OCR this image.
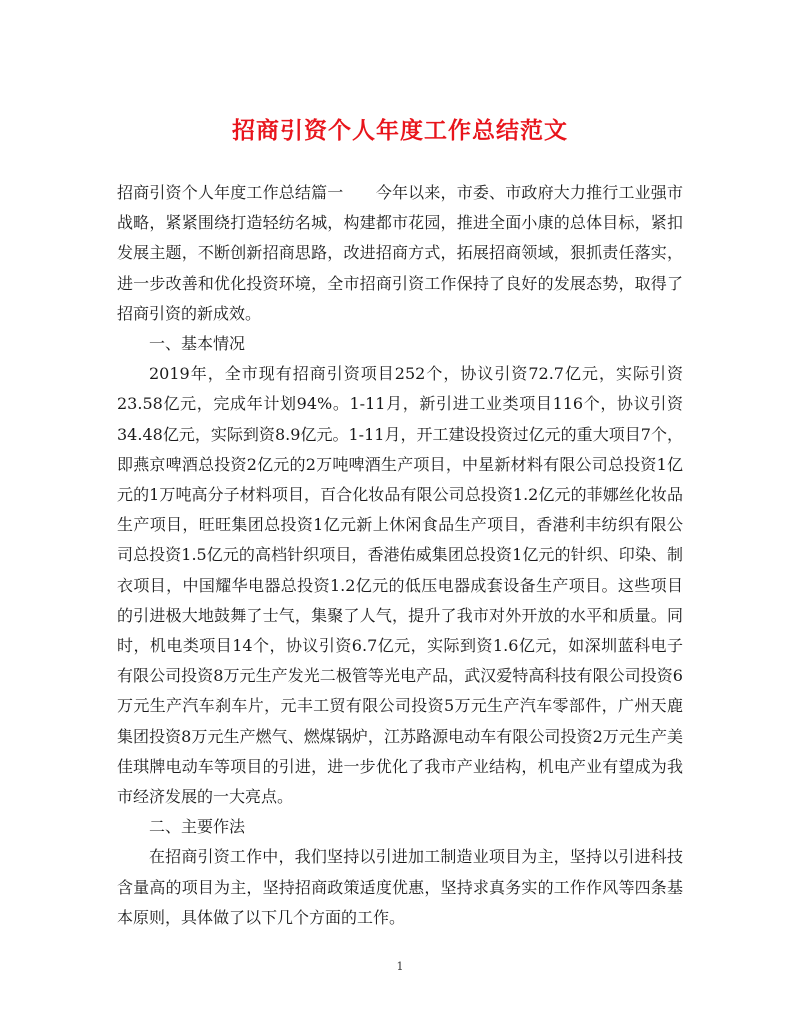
招商引资个人年度工作总结范文

招商引资个人年度工作总结篇一　　今年以来，市委、市政府大力推行工业强市战略，紧紧围绕打造轻纺名城，构建都市花园，推进全面小康的总体目标，紧扣发展主题，不断创新招商思路，改进招商方式，拓展招商领域，狠抓责任落实，进一步改善和优化投资环境，全市招商引资工作保持了良好的发展态势，取得了招商引资的新成效。

一、基本情况

2019年，全市现有招商引资项目252个，协议引资72.7亿元，实际引资23.58亿元，完成年计划94%。1-11月，新引进工业类项目116个，协议引资34.48亿元，实际到资8.9亿元。1-11月，开工建设投资过亿元的重大项目7个，即燕京啤酒总投资2亿元的2万吨啤酒生产项目，中星新材料有限公司总投资1亿元的1万吨高分子材料项目，百合化妆品有限公司总投资1.2亿元的菲娜丝化妆品生产项目，旺旺集团总投资1亿元新上休闲食品生产项目，香港利丰纺织有限公司总投资1.5亿元的高档针织项目，香港佑威集团总投资1亿元的针织、印染、制衣项目，中国耀华电器总投资1.2亿元的低压电器成套设备生产项目。这些项目的引进极大地鼓舞了士气，集聚了人气，提升了我市对外开放的水平和质量。同时，机电类项目14个，协议引资6.7亿元，实际到资1.6亿元，如深圳蓝科电子有限公司投资8万元生产发光二极管等光电产品，武汉爱特高科技有限公司投资6万元生产汽车刹车片，元丰工贸有限公司投资5万元生产汽车零部件，广州天鹿集团投资8万元生产燃气、燃煤锅炉，江苏路源电动车有限公司投资2万元生产美佳琪牌电动车等项目的引进，进一步优化了我市产业结构，机电产业有望成为我市经济发展的一大亮点。

二、主要作法

在招商引资工作中，我们坚持以引进加工制造业项目为主，坚持以引进科技含量高的项目为主，坚持招商政策适度优惠，坚持求真务实的工作作风等四条基本原则，具体做了以下几个方面的工作。

1
